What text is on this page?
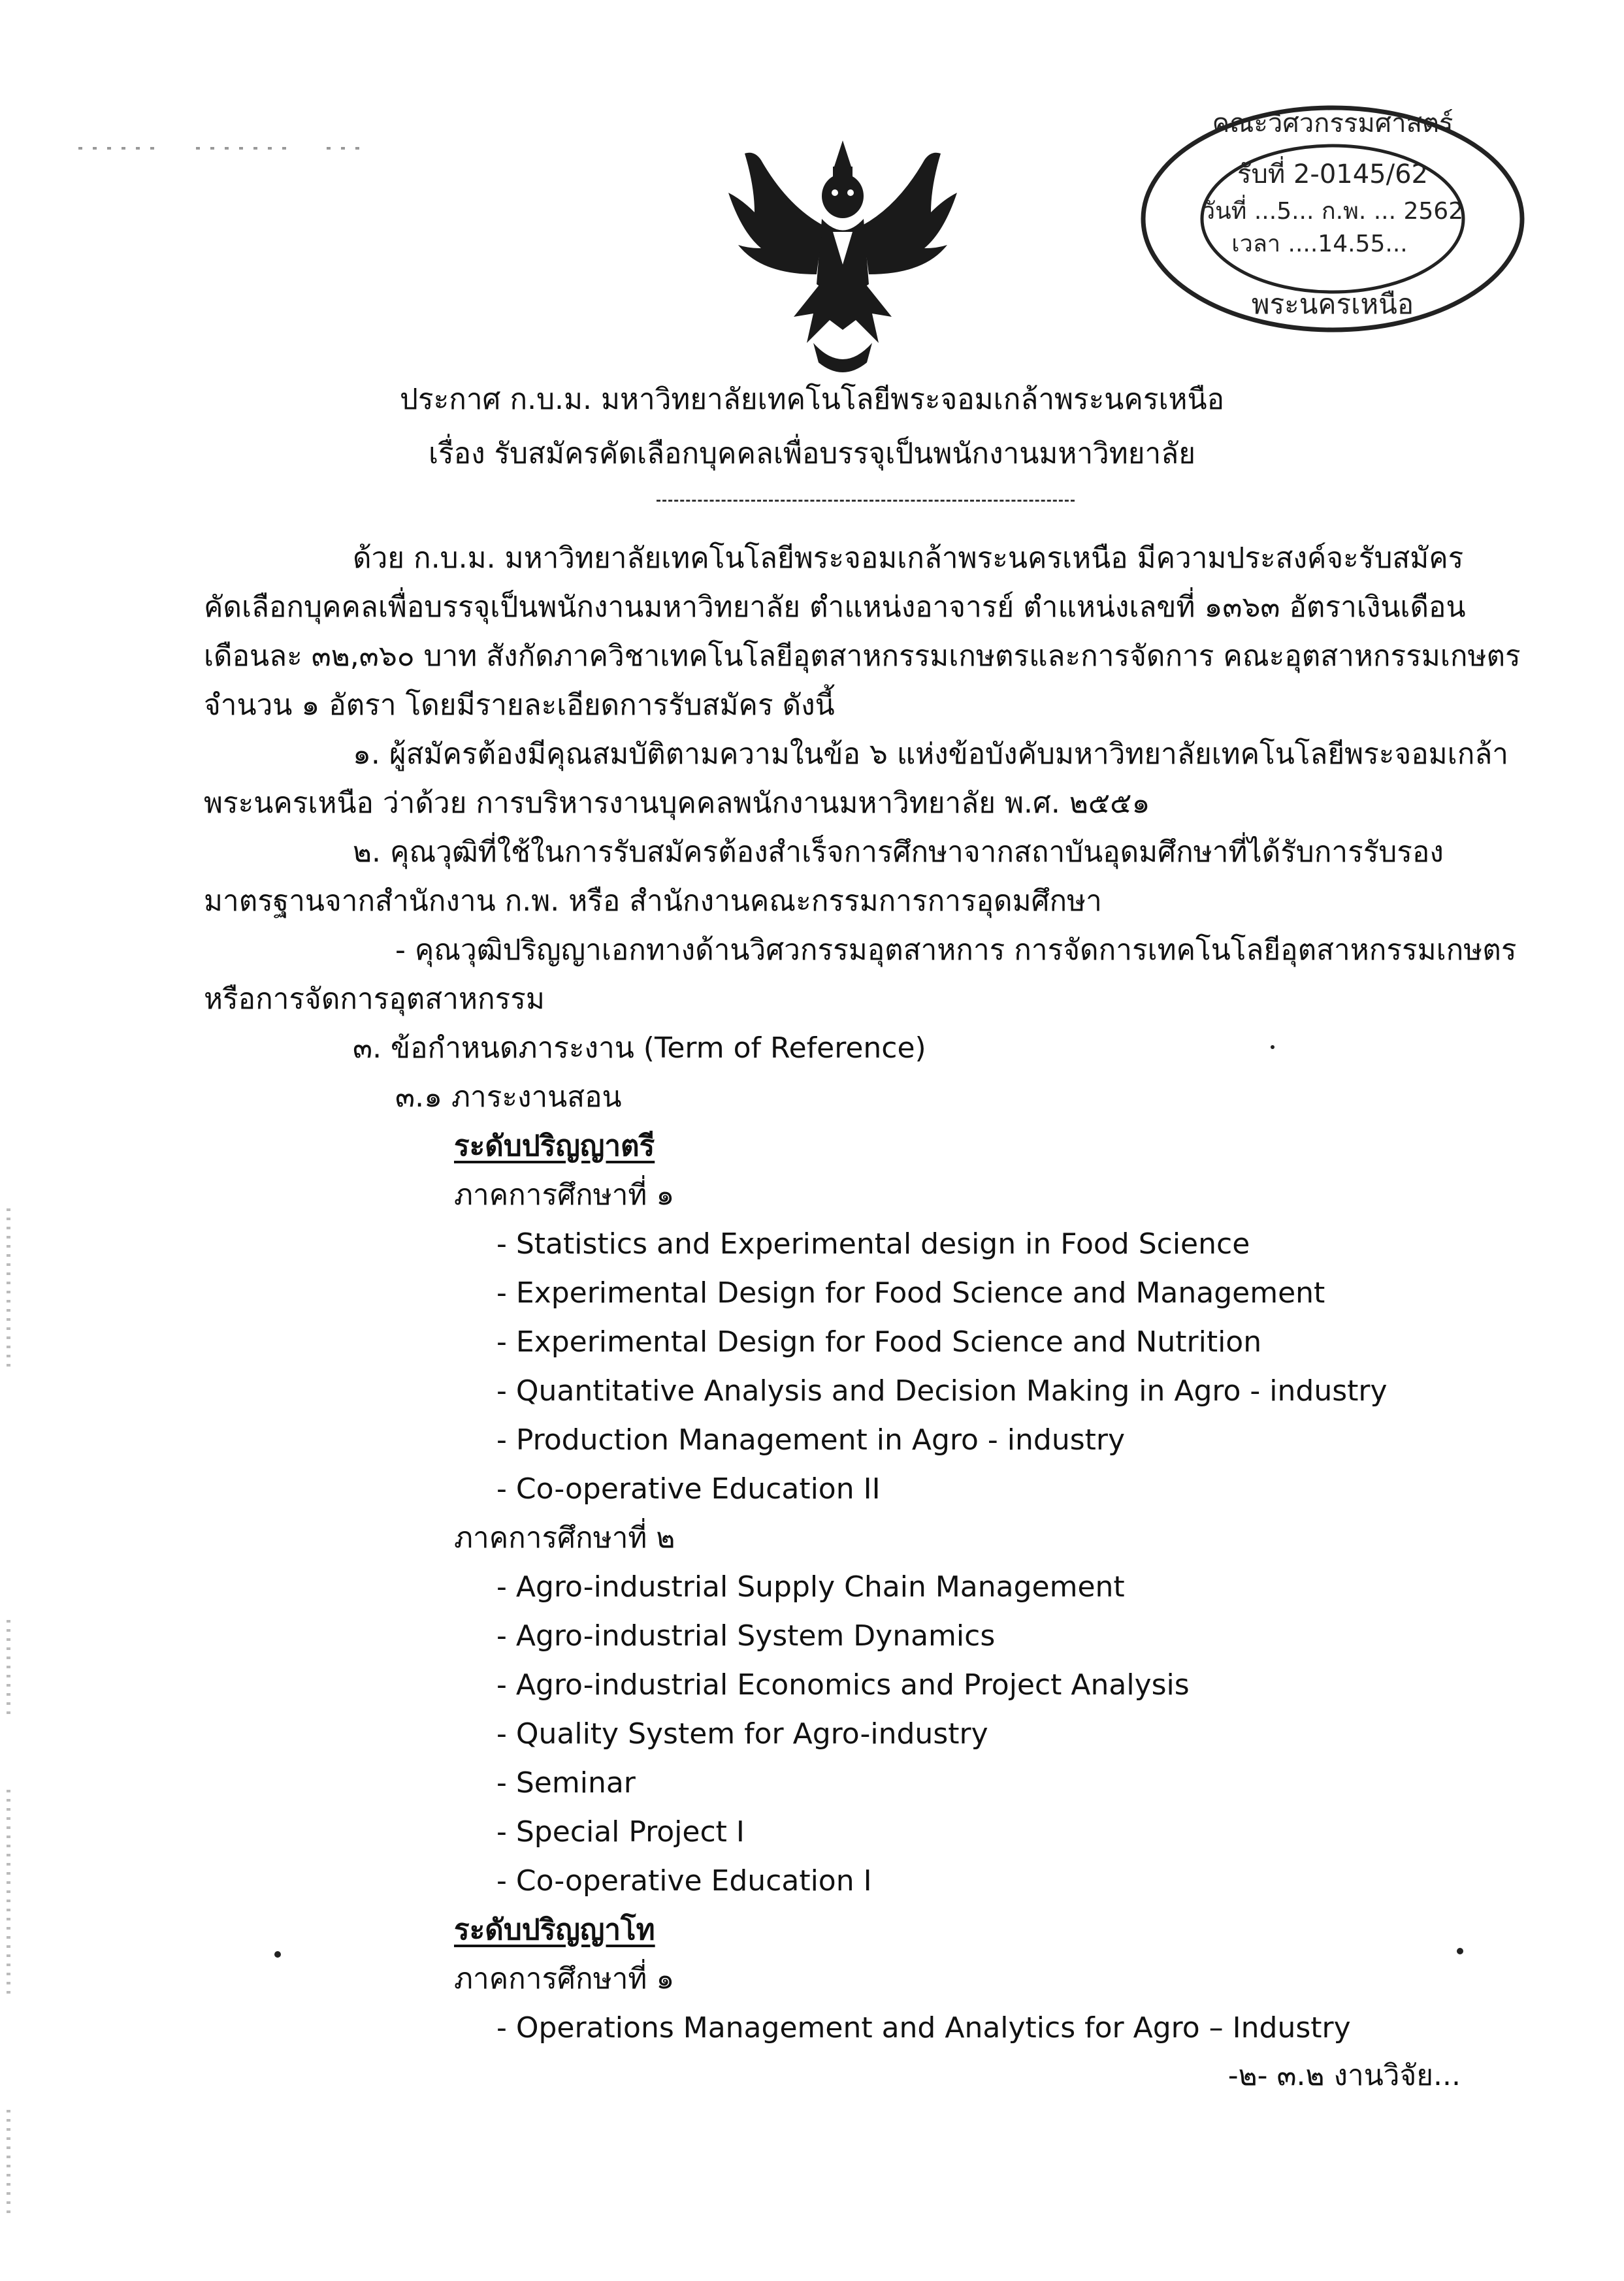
คณะวิศวกรรมศาสตร์
รับที่ 2-0145/62
วันที่ ...5... ก.พ. ... 2562
เวลา ....14.55...
พระนครเหนือ
ประกาศ ก.บ.ม. มหาวิทยาลัยเทคโนโลยีพระจอมเกล้าพระนครเหนือ
เรื่อง รับสมัครคัดเลือกบุคคลเพื่อบรรจุเป็นพนักงานมหาวิทยาลัย
ด้วย ก.บ.ม. มหาวิทยาลัยเทคโนโลยีพระจอมเกล้าพระนครเหนือ มีความประสงค์จะรับสมัคร
คัดเลือกบุคคลเพื่อบรรจุเป็นพนักงานมหาวิทยาลัย ตำแหน่งอาจารย์ ตำแหน่งเลขที่ ๑๓๖๓ อัตราเงินเดือน
เดือนละ ๓๒,๓๖๐ บาท สังกัดภาควิชาเทคโนโลยีอุตสาหกรรมเกษตรและการจัดการ คณะอุตสาหกรรมเกษตร
จำนวน ๑ อัตรา โดยมีรายละเอียดการรับสมัคร ดังนี้
๑. ผู้สมัครต้องมีคุณสมบัติตามความในข้อ ๖ แห่งข้อบังคับมหาวิทยาลัยเทคโนโลยีพระจอมเกล้า
พระนครเหนือ ว่าด้วย การบริหารงานบุคคลพนักงานมหาวิทยาลัย พ.ศ. ๒๕๕๑
๒. คุณวุฒิที่ใช้ในการรับสมัครต้องสำเร็จการศึกษาจากสถาบันอุดมศึกษาที่ได้รับการรับรอง
มาตรฐานจากสำนักงาน ก.พ. หรือ สำนักงานคณะกรรมการการอุดมศึกษา
- คุณวุฒิปริญญาเอกทางด้านวิศวกรรมอุตสาหการ การจัดการเทคโนโลยีอุตสาหกรรมเกษตร
หรือการจัดการอุตสาหกรรม
๓. ข้อกำหนดภาระงาน (Term of Reference)
๓.๑ ภาระงานสอน
ระดับปริญญาตรี
ภาคการศึกษาที่ ๑
- Statistics and Experimental design in Food Science
- Experimental Design for Food Science and Management
- Experimental Design for Food Science and Nutrition
- Quantitative Analysis and Decision Making in Agro - industry
- Production Management in Agro - industry
- Co-operative Education II
ภาคการศึกษาที่ ๒
- Agro-industrial Supply Chain Management
- Agro-industrial System Dynamics
- Agro-industrial Economics and Project Analysis
- Quality System for Agro-industry
- Seminar
- Special Project I
- Co-operative Education I
ระดับปริญญาโท
ภาคการศึกษาที่ ๑
- Operations Management and Analytics for Agro – Industry
-๒- ๓.๒ งานวิจัย...
